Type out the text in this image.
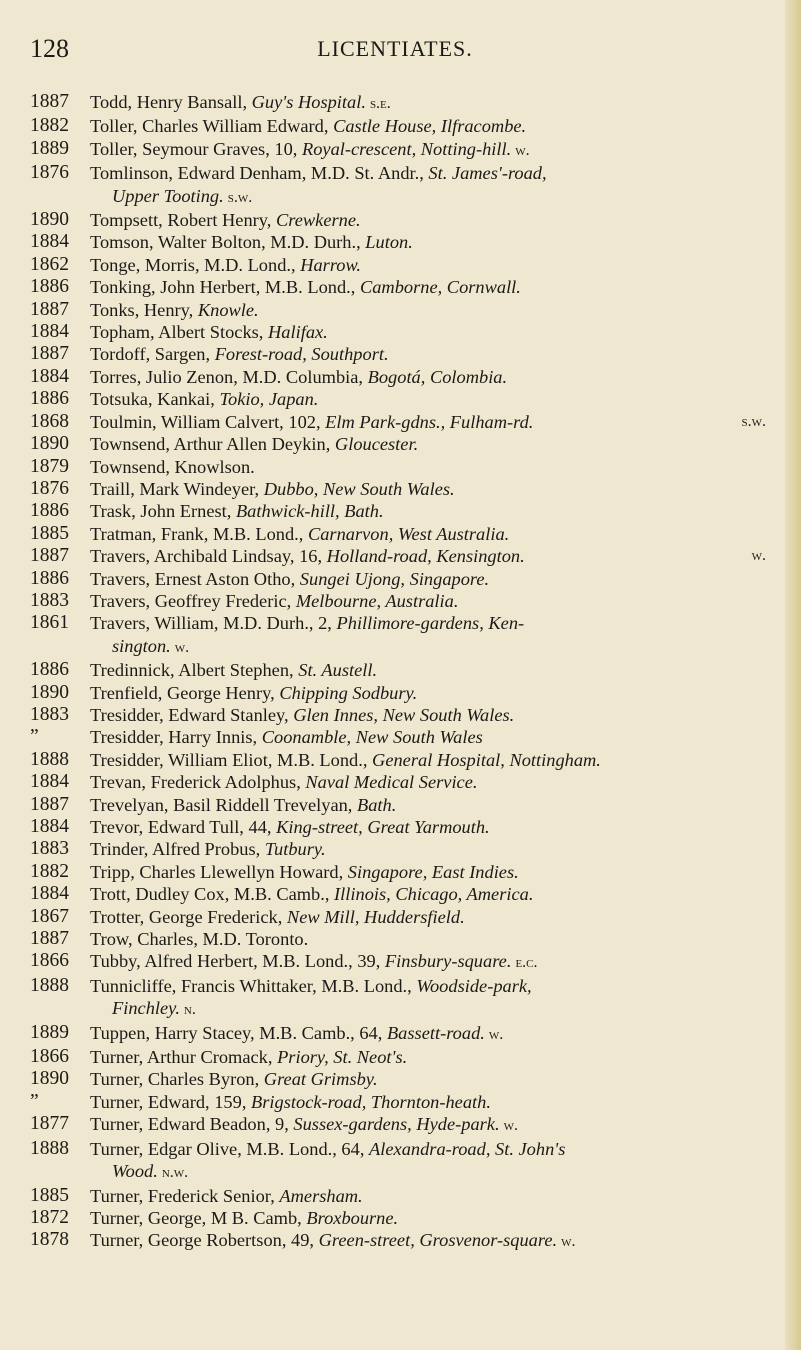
LICENTIATES.
128
1887	Todd, Henry Bansall, Guy's Hospital. s.e.
1882	Toller, Charles William Edward, Castle House, Ilfracombe.
1889	Toller, Seymour Graves, 10, Royal-crescent, Notting-hill. w.
1876	Tomlinson, Edward Denham, M.D. St. Andr., St. James'-road,
Upper Tooting. s.w.
1890	Tompsett, Robert Henry, Crewkerne.
1884	Tomson, Walter Bolton, M.D. Durh., Luton.
1862	Tonge, Morris, M.D. Lond., Harrow.
1886	Tonking, John Herbert, M.B. Lond., Camborne, Cornwall.
1887	Tonks, Henry, Knowle.
1884	Topham, Albert Stocks, Halifax.
1887	Tordoff, Sargen, Forest-road, Southport.
1884	Torres, Julio Zenon, M.D. Columbia, Bogotá, Colombia.
1886	Totsuka, Kankai, Tokio, Japan.
1868	Toulmin, William Calvert, 102, Elm Park-gdns., Fulham-rd.	s.w.
1890	Townsend, Arthur Allen Deykin, Gloucester.
1879	Townsend, Knowlson.
1876	Traill, Mark Windeyer, Dubbo, New South Wales.
1886	Trask, John Ernest, Bathwick-hill, Bath.
1885	Tratman, Frank, M.B. Lond., Carnarvon, West Australia.
1887	Travers, Archibald Lindsay, 16, Holland-road, Kensington.	w.
1886	Travers, Ernest Aston Otho, Sungei Ujong, Singapore.
1883	Travers, Geoffrey Frederic, Melbourne, Australia.
1861	Travers, William, M.D. Durh., 2, Phillimore-gardens, Ken-
sington. w.
1886	Tredinnick, Albert Stephen, St. Austell.
1890	Trenfield, George Henry, Chipping Sodbury.
1883	Tresidder, Edward Stanley, Glen Innes, New South Wales.
”	Tresidder, Harry Innis, Coonamble, New South Wales
1888	Tresidder, William Eliot, M.B. Lond., General Hospital, Nottingham.
1884	Trevan, Frederick Adolphus, Naval Medical Service.
1887	Trevelyan, Basil Riddell Trevelyan, Bath.
1884	Trevor, Edward Tull, 44, King-street, Great Yarmouth.
1883	Trinder, Alfred Probus, Tutbury.
1882	Tripp, Charles Llewellyn Howard, Singapore, East Indies.
1884	Trott, Dudley Cox, M.B. Camb., Illinois, Chicago, America.
1867	Trotter, George Frederick, New Mill, Huddersfield.
1887	Trow, Charles, M.D. Toronto.
1866	Tubby, Alfred Herbert, M.B. Lond., 39, Finsbury-square. e.c.
1888	Tunnicliffe, Francis Whittaker, M.B. Lond., Woodside-park,
Finchley. n.
1889	Tuppen, Harry Stacey, M.B. Camb., 64, Bassett-road. w.
1866	Turner, Arthur Cromack, Priory, St. Neot's.
1890	Turner, Charles Byron, Great Grimsby.
”	Turner, Edward, 159, Brigstock-road, Thornton-heath.
1877	Turner, Edward Beadon, 9, Sussex-gardens, Hyde-park. w.
1888	Turner, Edgar Olive, M.B. Lond., 64, Alexandra-road, St. John's
Wood. n.w.
1885	Turner, Frederick Senior, Amersham.
1872	Turner, George, M B. Camb, Broxbourne.
1878	Turner, George Robertson, 49, Green-street, Grosvenor-square. w.
